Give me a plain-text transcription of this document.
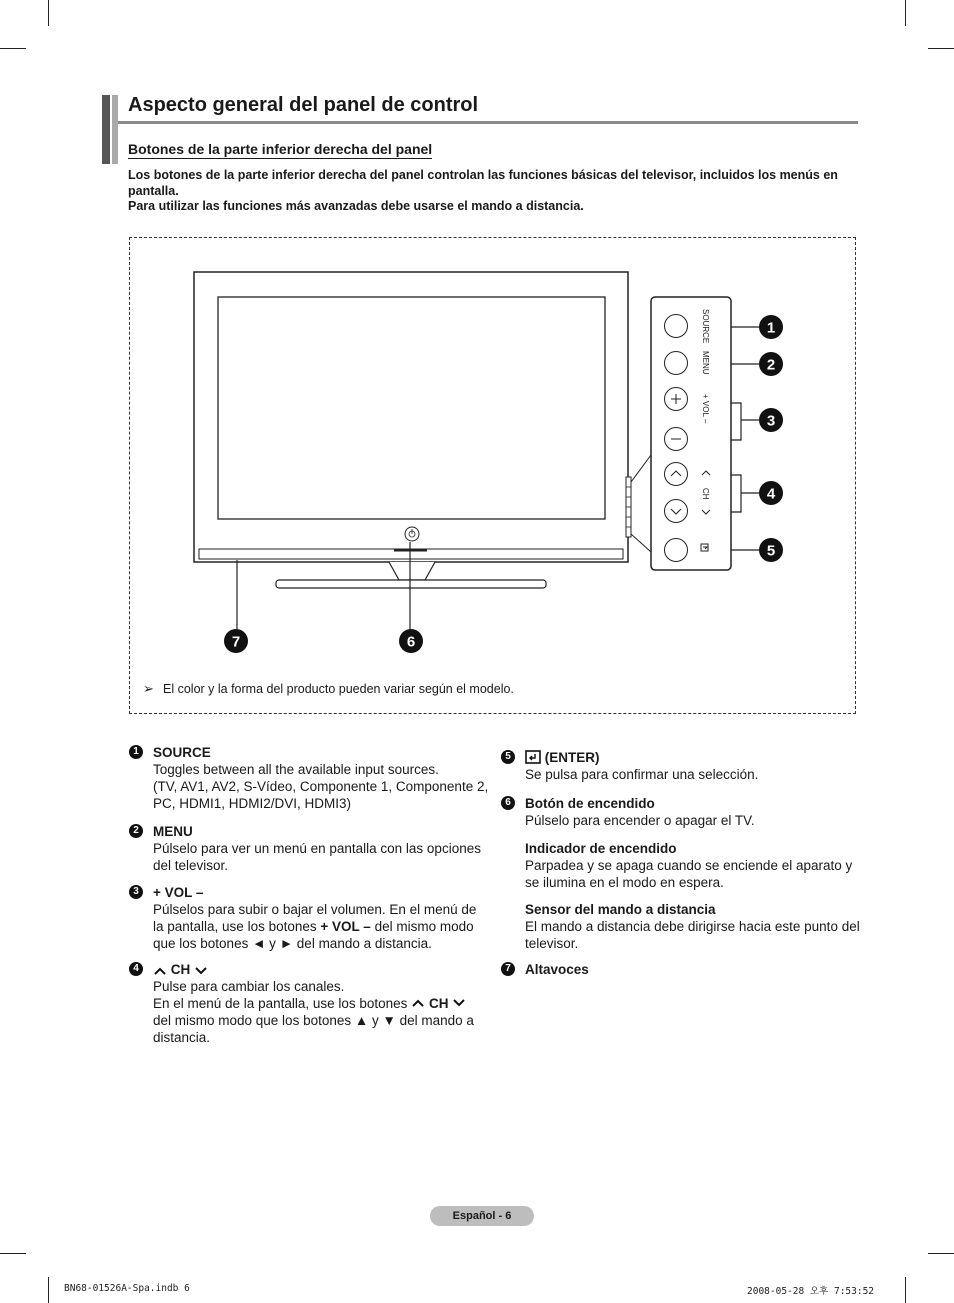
Aspecto general del panel de control
Botones de la parte inferior derecha del panel

Los botones de la parte inferior derecha del panel controlan las funciones básicas del televisor, incluidos los menús en pantalla.

Para utilizar las funciones más avanzadas debe usarse el mando a distancia.

SOURCE
MENU
+ VOL –
CH
1
2
3
4
5
6
7
➢ El color y la forma del producto pueden variar según el modelo.
1	SOURCE
Toggles between all the available input sources.
(TV, AV1, AV2, S-Vídeo, Componente 1, Componente 2,
PC, HDMI1, HDMI2/DVI, HDMI3)
2	MENU
Púlselo para ver un menú en pantalla con las opciones
del televisor.
3	+ VOL –
Púlselos para subir o bajar el volumen. En el menú de
la pantalla, use los botones + VOL – del mismo modo
que los botones ◄ y ► del mando a distancia.
4	CH
Pulse para cambiar los canales.
En el menú de la pantalla, use los botones CH
del mismo modo que los botones ▲ y ▼ del mando a
distancia.
5	(ENTER)
Se pulsa para confirmar una selección.
6	Botón de encendido
Púlselo para encender o apagar el TV.
Indicador de encendido
Parpadea y se apaga cuando se enciende el aparato y
se ilumina en el modo en espera.
Sensor del mando a distancia
El mando a distancia debe dirigirse hacia este punto del
televisor.
7	Altavoces
Español - 6
BN68-01526A-Spa.indb 6	2008-05-28 오후 7:53:52
